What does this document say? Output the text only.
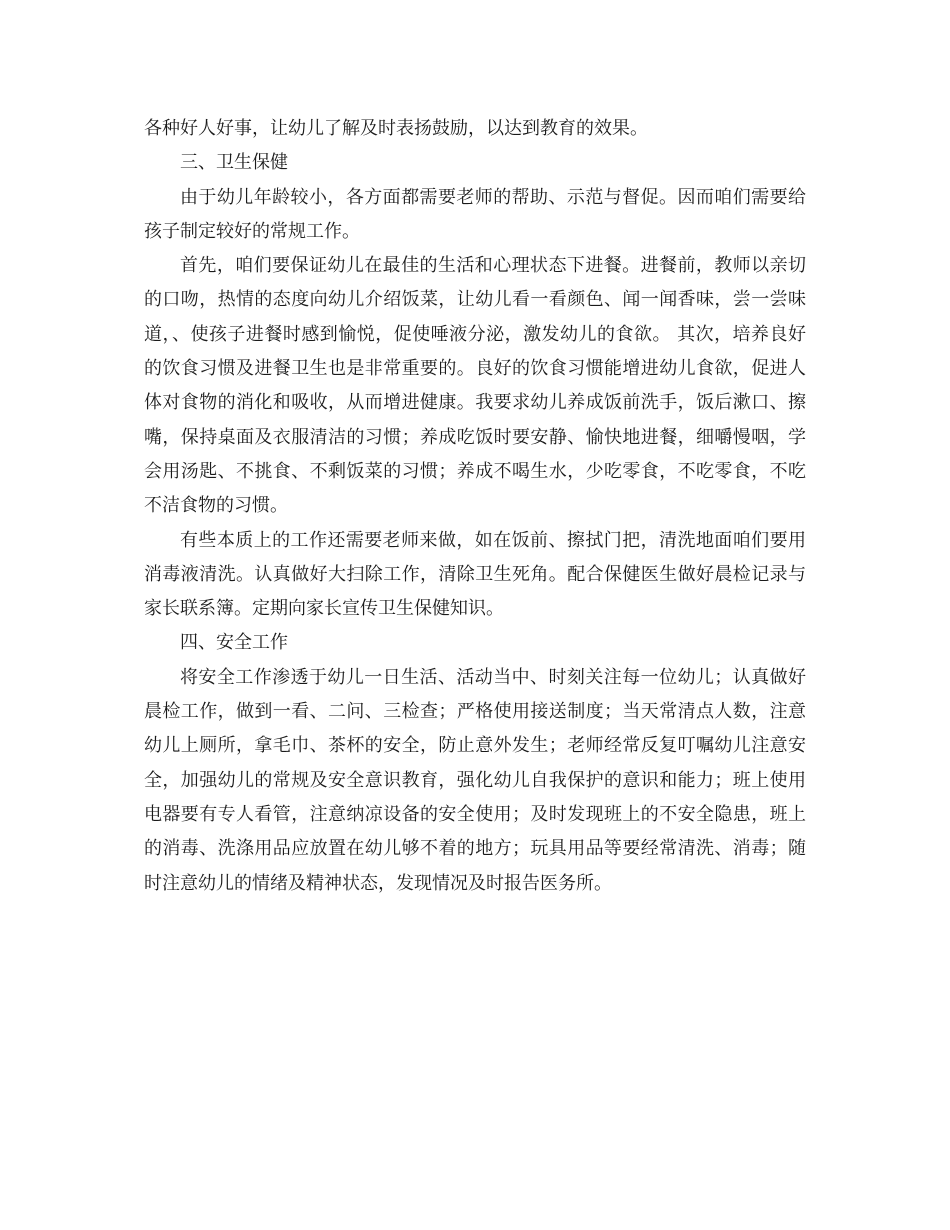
各种好人好事，让幼儿了解及时表扬鼓励，以达到教育的效果。

三、卫生保健

由于幼儿年龄较小，各方面都需要老师的帮助、示范与督促。因而咱们需要给孩子制定较好的常规工作。

首先，咱们要保证幼儿在最佳的生活和心理状态下进餐。进餐前，教师以亲切的口吻，热情的态度向幼儿介绍饭菜，让幼儿看一看颜色、闻一闻香味，尝一尝味道，、使孩子进餐时感到愉悦，促使唾液分泌，激发幼儿的食欲。 其次，培养良好的饮食习惯及进餐卫生也是非常重要的。良好的饮食习惯能增进幼儿食欲，促进人体对食物的消化和吸收，从而增进健康。我要求幼儿养成饭前洗手，饭后漱口、擦嘴，保持桌面及衣服清洁的习惯；养成吃饭时要安静、愉快地进餐，细嚼慢咽，学会用汤匙、不挑食、不剩饭菜的习惯；养成不喝生水，少吃零食，不吃零食，不吃不洁食物的习惯。

有些本质上的工作还需要老师来做，如在饭前、擦拭门把，清洗地面咱们要用消毒液清洗。认真做好大扫除工作，清除卫生死角。配合保健医生做好晨检记录与家长联系簿。定期向家长宣传卫生保健知识。

四、安全工作

将安全工作渗透于幼儿一日生活、活动当中、时刻关注每一位幼儿；认真做好晨检工作，做到一看、二问、三检查；严格使用接送制度；当天常清点人数，注意幼儿上厕所，拿毛巾、茶杯的安全，防止意外发生；老师经常反复叮嘱幼儿注意安全，加强幼儿的常规及安全意识教育，强化幼儿自我保护的意识和能力；班上使用电器要有专人看管，注意纳凉设备的安全使用；及时发现班上的不安全隐患，班上的消毒、洗涤用品应放置在幼儿够不着的地方；玩具用品等要经常清洗、消毒；随时注意幼儿的情绪及精神状态，发现情况及时报告医务所。
